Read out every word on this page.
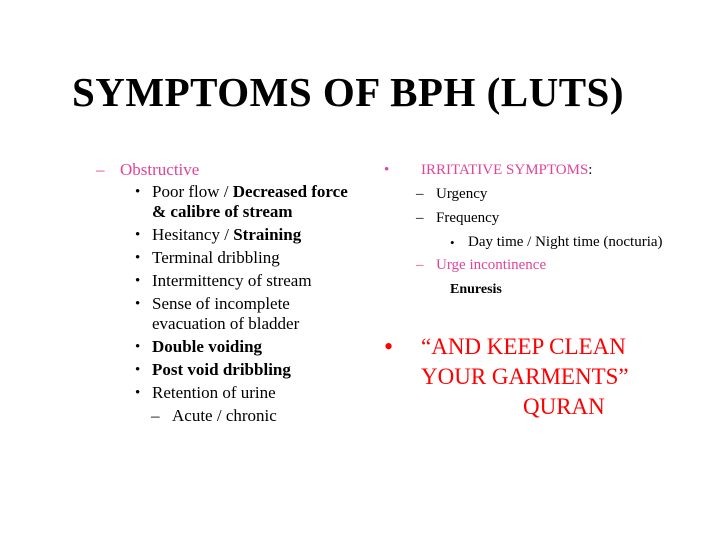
SYMPTOMS OF BPH (LUTS)
– Obstructive
• Poor flow / Decreased force & calibre of stream
• Hesitancy / Straining
• Terminal dribbling
• Intermittency of stream
• Sense of incomplete evacuation of bladder
• Double voiding
• Post void dribbling
• Retention of urine
– Acute / chronic
• IRRITATIVE SYMPTOMS:
– Urgency
– Frequency
• Day time / Night time (nocturia)
– Urge incontinence
Enuresis
• “AND KEEP CLEAN
YOUR GARMENTS”
QURAN
